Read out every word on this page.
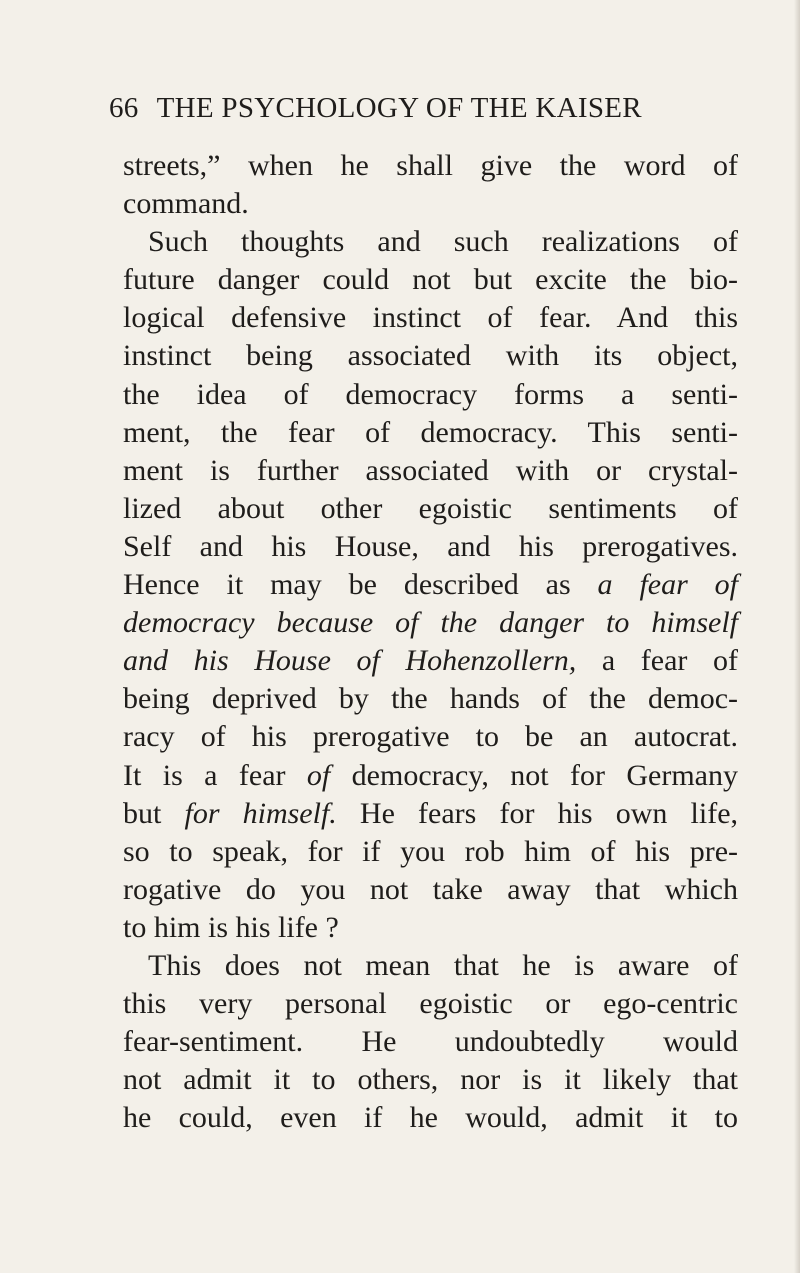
66 THE PSYCHOLOGY OF THE KAISER
streets,” when he shall give the word of
command.
Such thoughts and such realizations of
future danger could not but excite the bio-
logical defensive instinct of fear. And this
instinct being associated with its object,
the idea of democracy forms a senti-
ment, the fear of democracy. This senti-
ment is further associated with or crystal-
lized about other egoistic sentiments of
Self and his House, and his prerogatives.
Hence it may be described as a fear of
democracy because of the danger to himself
and his House of Hohenzollern, a fear of
being deprived by the hands of the democ-
racy of his prerogative to be an autocrat.
It is a fear of democracy, not for Germany
but for himself. He fears for his own life,
so to speak, for if you rob him of his pre-
rogative do you not take away that which
to him is his life ?
This does not mean that he is aware of
this very personal egoistic or ego-centric
fear-sentiment. He undoubtedly would
not admit it to others, nor is it likely that
he could, even if he would, admit it to
